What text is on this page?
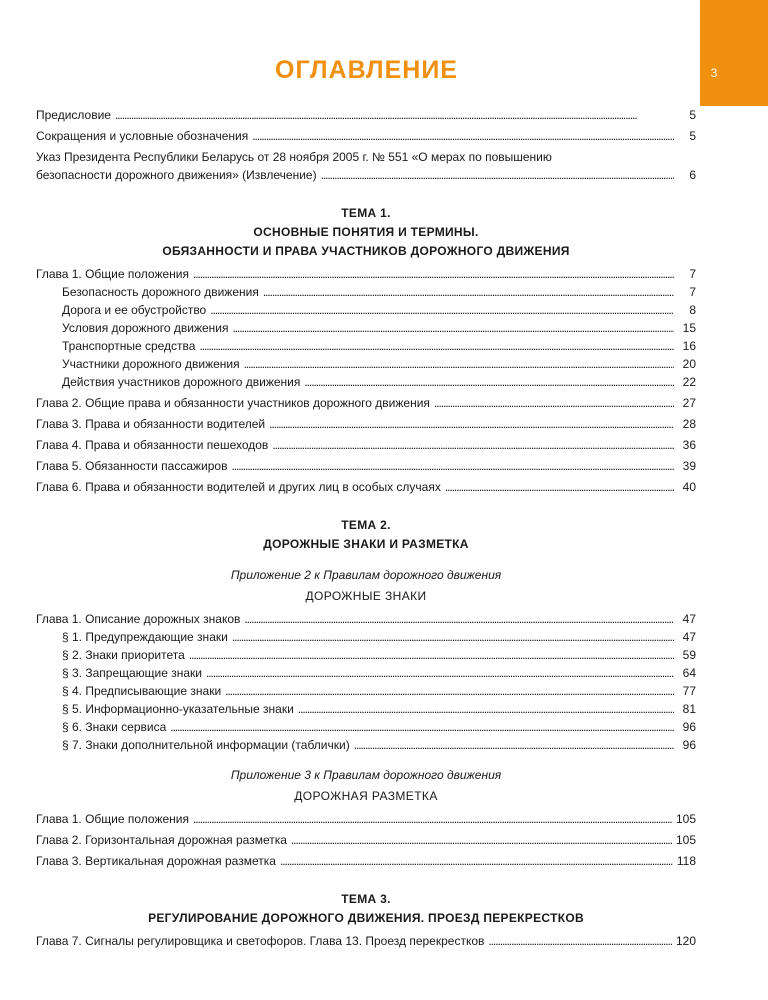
3
ОГЛАВЛЕНИЕ
Предисловие . . .	5
Сокращения и условные обозначения . . .	5
Указ Президента Республики Беларусь от 28 ноября 2005 г. № 551 «О мерах по повышению
безопасности дорожного движения» (Извлечение) . . .	6
ТЕМА 1.
ОСНОВНЫЕ ПОНЯТИЯ И ТЕРМИНЫ.
ОБЯЗАННОСТИ И ПРАВА УЧАСТНИКОВ ДОРОЖНОГО ДВИЖЕНИЯ
Глава 1. Общие положения . . .	7
Безопасность дорожного движения . . .	7
Дорога и ее обустройство . . .	8
Условия дорожного движения . . .	15
Транспортные средства . . .	16
Участники дорожного движения . . .	20
Действия участников дорожного движения . . .	22
Глава 2. Общие права и обязанности участников дорожного движения . . .	27
Глава 3. Права и обязанности водителей . . .	28
Глава 4. Права и обязанности пешеходов . . .	36
Глава 5. Обязанности пассажиров . . .	39
Глава 6. Права и обязанности водителей и других лиц в особых случаях . . .	40
ТЕМА 2.
ДОРОЖНЫЕ ЗНАКИ И РАЗМЕТКА
Приложение 2 к Правилам дорожного движения
ДОРОЖНЫЕ ЗНАКИ
Глава 1. Описание дорожных знаков . . .	47
§ 1. Предупреждающие знаки . . .	47
§ 2. Знаки приоритета . . .	59
§ 3. Запрещающие знаки . . .	64
§ 4. Предписывающие знаки . . .	77
§ 5. Информационно-указательные знаки . . .	81
§ 6. Знаки сервиса . . .	96
§ 7. Знаки дополнительной информации (таблички) . . .	96
Приложение 3 к Правилам дорожного движения
ДОРОЖНАЯ РАЗМЕТКА
Глава 1. Общие положения . . .	105
Глава 2. Горизонтальная дорожная разметка . . .	105
Глава 3. Вертикальная дорожная разметка . . .	118
ТЕМА 3.
РЕГУЛИРОВАНИЕ ДОРОЖНОГО ДВИЖЕНИЯ. ПРОЕЗД ПЕРЕКРЕСТКОВ
Глава 7. Сигналы регулировщика и светофоров. Глава 13. Проезд перекрестков . . .	120
